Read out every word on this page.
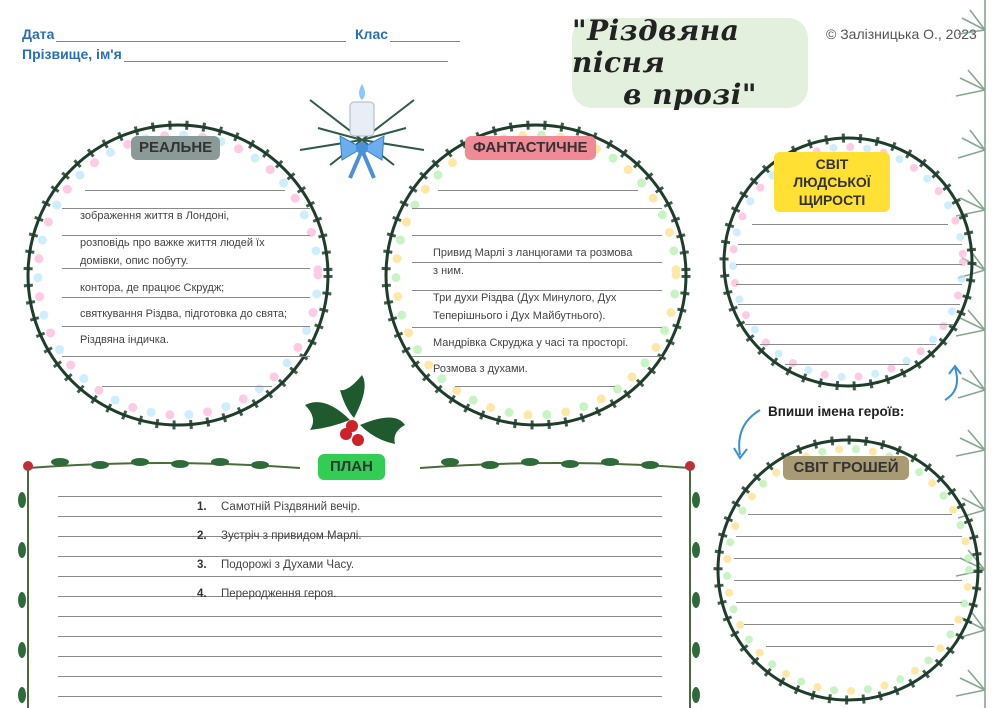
Дата	Клас
Прізвище, ім'я
"Різдвяна пісня
в прозі"
© Залізницька О., 2023
РЕАЛЬНЕ
зображення життя в Лондоні,
розповідь про важке життя людей їх
домівки, опис побуту.
контора, де працює Скрудж;
святкування Різдва, підготовка до свята;
Різдвяна індичка.
ФАНТАСТИЧНЕ
Привид Марлі з ланцюгами та розмова
з ним.
Три духи Різдва (Дух Минулого, Дух
Теперішнього і Дух Майбутнього).
Мандрівка Скруджа у часі та просторі.
Розмова з духами.
СВІТ ЛЮДСЬКОЇ
ЩИРОСТІ
Впиши імена героїв:
СВІТ ГРОШЕЙ
ПЛАН
1.	Самотній Різдвяний вечір.
2.	Зустріч з привидом Марлі.
3.	Подорожі з Духами Часу.
4.	Переродження героя.
